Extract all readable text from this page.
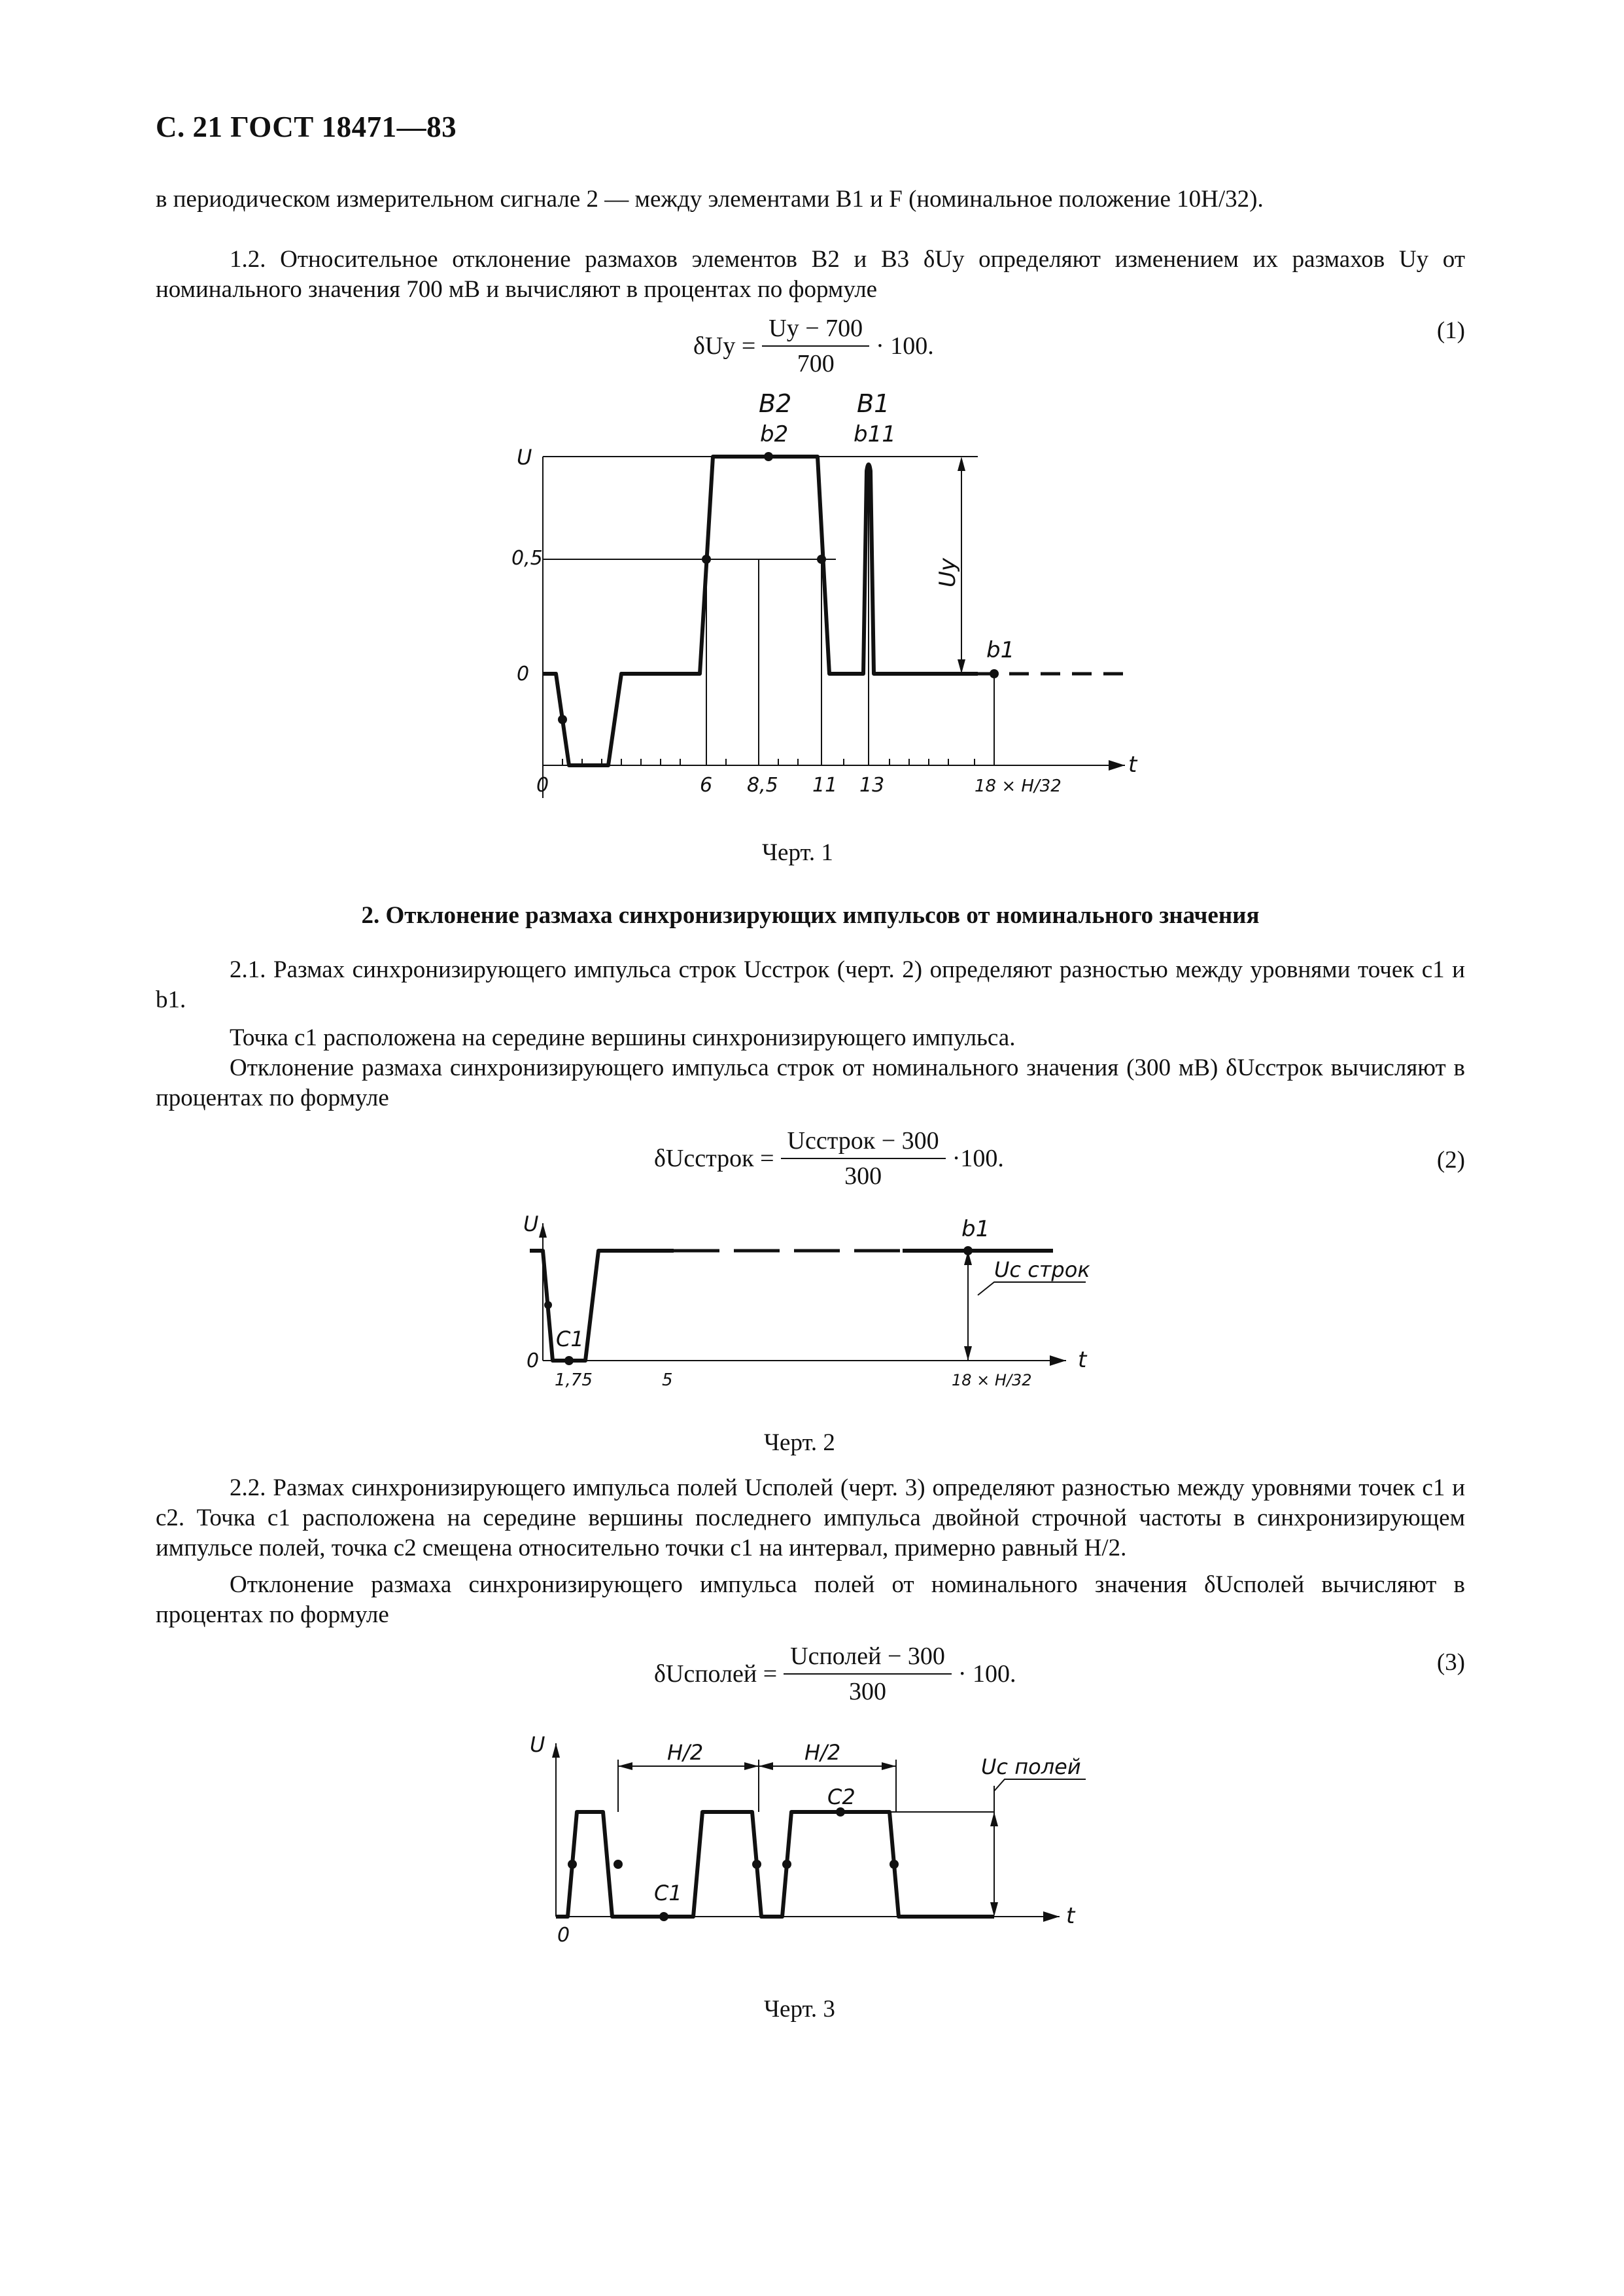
С. 21 ГОСТ 18471—83
в периодическом измерительном сигнале 2 — между элементами B1 и F (номинальное положение 10H/32).
1.2. Относительное отклонение размахов элементов B2 и B3 δUу определяют изменением их размахов Uу от номинального значения 700 мВ и вычисляют в процентах по формуле
$\delta Uу = \frac{Uу - 700}{700} \cdot 100$.
(1)
B2	B1
b2	b11
b1
U
0,5
0
0	6 8,5 11 13	18 × H/32
t
Uу
Черт. 1
2. Отклонение размаха синхронизирующих импульсов от номинального значения
2.1. Размах синхронизирующего импульса строк Uсстрок (черт. 2) определяют разностью между уровнями точек c1 и b1.
Точка c1 расположена на середине вершины синхронизирующего импульса.
Отклонение размаха синхронизирующего импульса строк от номинального значения (300 мВ) δUсстрок вычисляют в процентах по формуле
δUсстрок = $\frac{\text{Uсстрок − 300}}{300} \cdot 100$.	(2)
U
0
b1
C1
Uс строк
1,75	5	18 × H/32
t
Черт. 2
2.2. Размах синхронизирующего импульса полей Uсполей (черт. 3) определяют разностью между уровнями точек c1 и c2. Точка c1 расположена на середине вершины последнего импульса двойной строчной частоты в синхронизирующем импульсе полей, точка c2 смещена относительно точки c1 на интервал, примерно равный H/2.
Отклонение размаха синхронизирующего импульса полей от номинального значения δUсполей вычисляют в процентах по формуле
δUсполей = $\frac{\text{Uсполей − 300}}{300} \cdot 100$.	(3)
U
0
H/2	H/2
C1
C2
Uс полей
t
Черт. 3
